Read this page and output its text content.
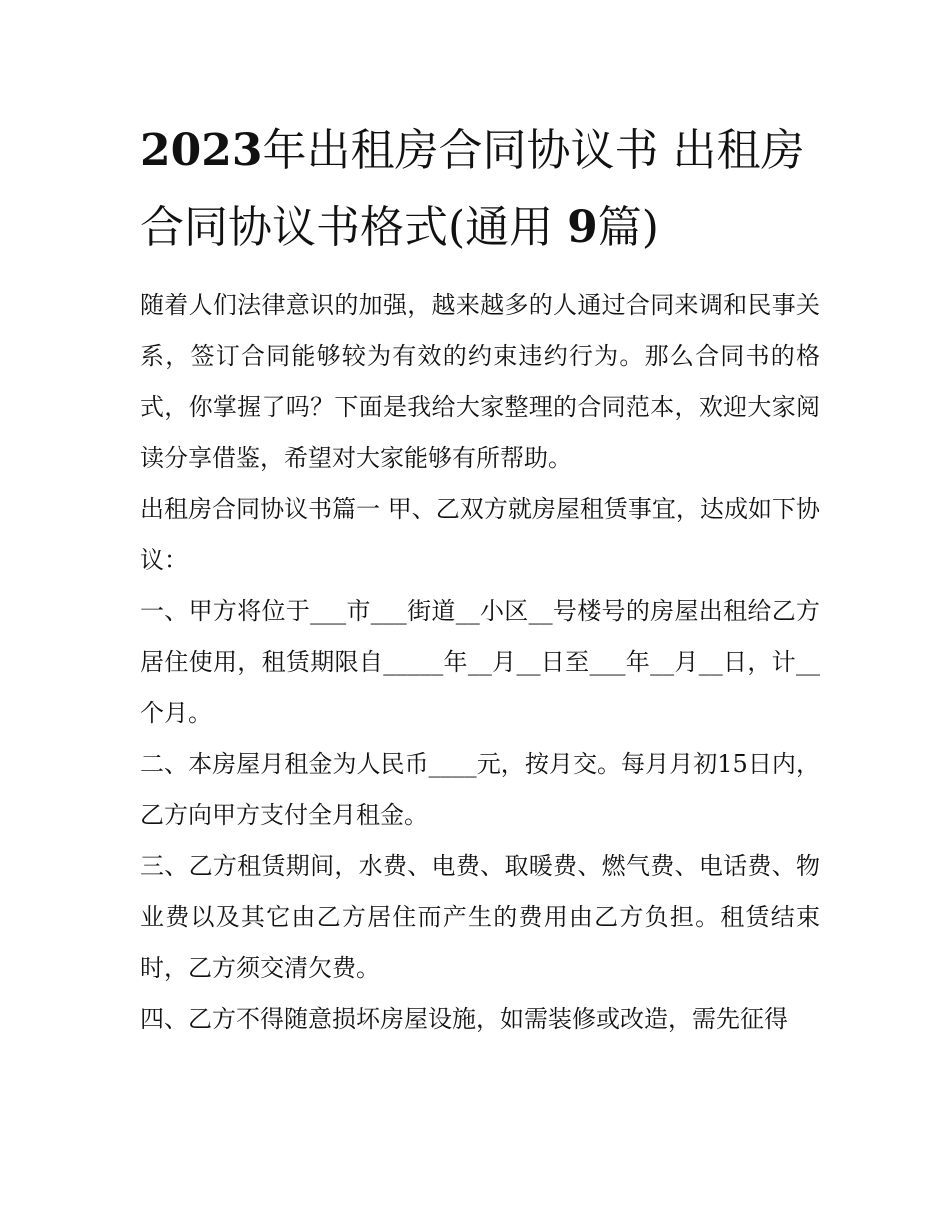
2023年出租房合同协议书 出租房合同协议书格式(通用 9篇)

随着人们法律意识的加强，越来越多的人通过合同来调和民事关系，签订合同能够较为有效的约束违约行为。那么合同书的格式，你掌握了吗？下面是我给大家整理的合同范本，欢迎大家阅读分享借鉴，希望对大家能够有所帮助。

出租房合同协议书篇一 甲、乙双方就房屋租赁事宜，达成如下协议：

一、甲方将位于___市___街道__小区__号楼号的房屋出租给乙方居住使用，租赁期限自_____年__月__日至___年__月__日，计__个月。

二、本房屋月租金为人民币____元，按月交。每月月初15日内，乙方向甲方支付全月租金。

三、乙方租赁期间，水费、电费、取暖费、燃气费、电话费、物业费以及其它由乙方居住而产生的费用由乙方负担。租赁结束时，乙方须交清欠费。

四、乙方不得随意损坏房屋设施，如需装修或改造，需先征得
